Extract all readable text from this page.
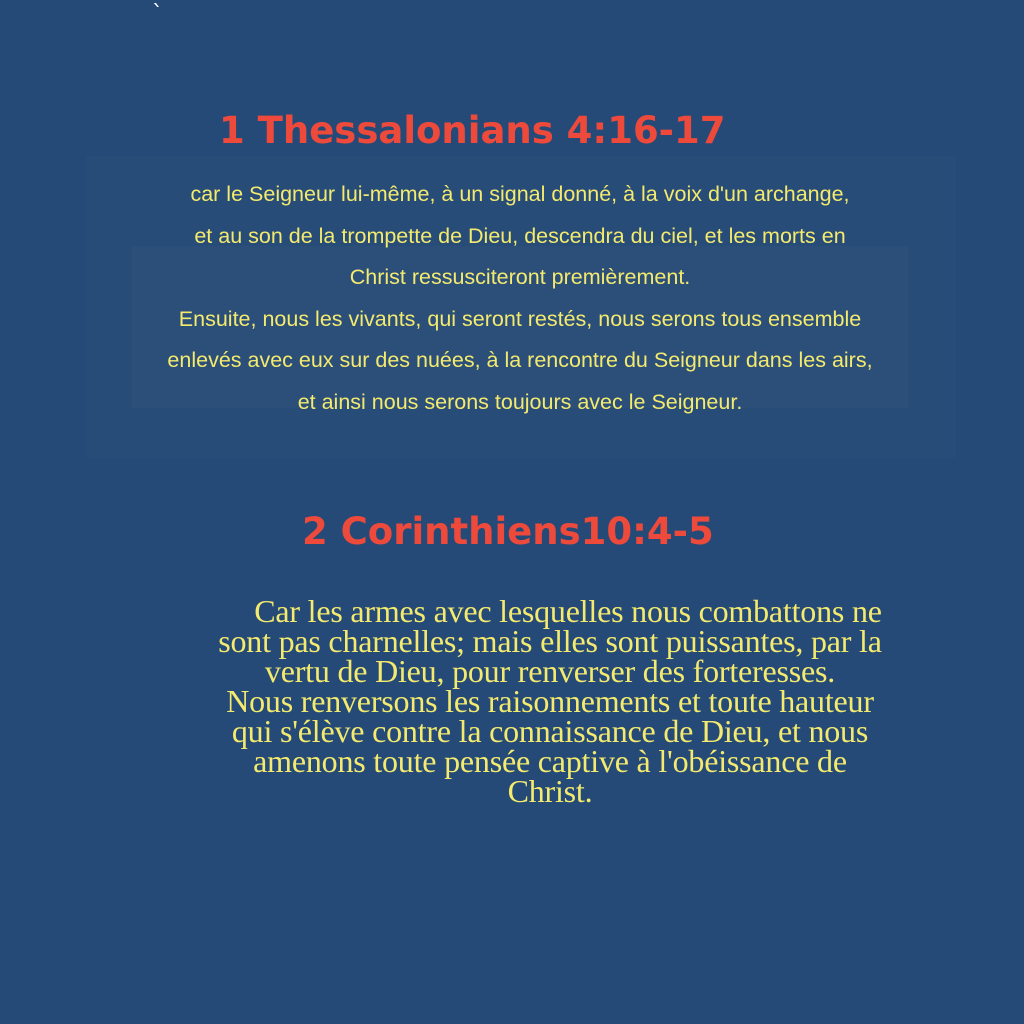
`
1 Thessalonians 4:16-17

car le Seigneur lui-même, à un signal donné, à la voix d'un archange,
et au son de la trompette de Dieu, descendra du ciel, et les morts en
Christ ressusciteront premièrement.
Ensuite, nous les vivants, qui seront restés, nous serons tous ensemble
enlevés avec eux sur des nuées, à la rencontre du Seigneur dans les airs,
et ainsi nous serons toujours avec le Seigneur.

2 Corinthiens10:4-5

Car les armes avec lesquelles nous combattons ne
sont pas charnelles; mais elles sont puissantes, par la
vertu de Dieu, pour renverser des forteresses.
Nous renversons les raisonnements et toute hauteur
qui s'élève contre la connaissance de Dieu, et nous
amenons toute pensée captive à l'obéissance de
Christ.
